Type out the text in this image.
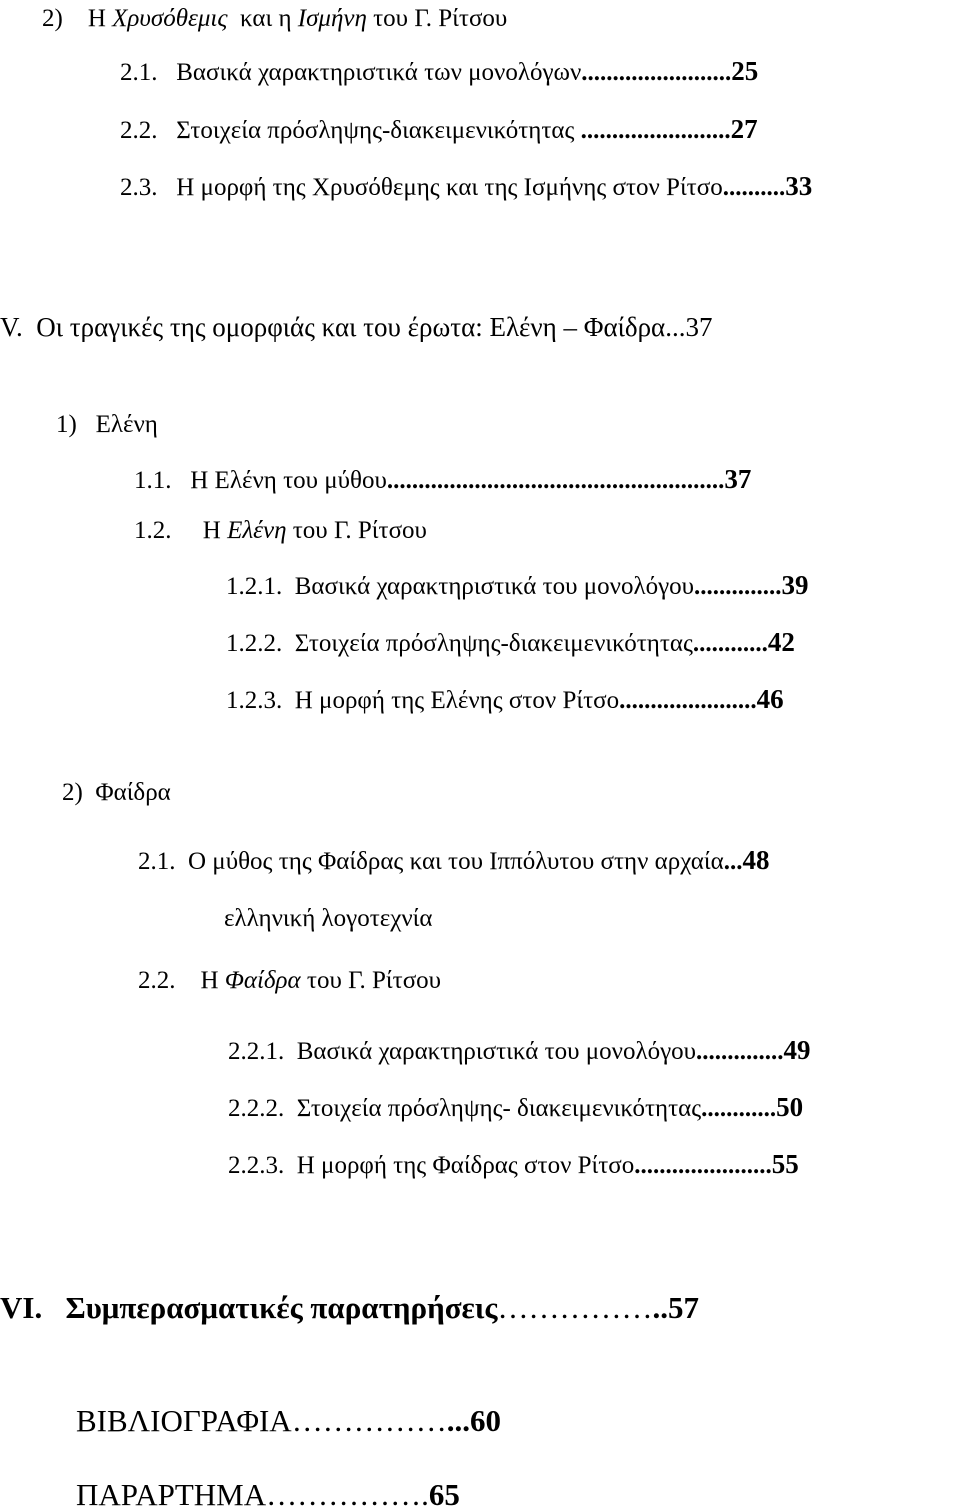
2) Η Χρυσόθεμις και η Ισμήνη του Γ. Ρίτσου
2.1. Βασικά χαρακτηριστικά των μονολόγων........................25
2.2. Στοιχεία πρόσληψης-διακειμενικότητας ........................27
2.3. Η μορφή της Χρυσόθεμης και της Ισμήνης στον Ρίτσο..........33
V. Οι τραγικές της ομορφιάς και του έρωτα: Ελένη – Φαίδρα...37
1) Ελένη
1.1. Η Ελένη του μύθου......................................................37
1.2. Η Ελένη του Γ. Ρίτσου
1.2.1. Βασικά χαρακτηριστικά του μονολόγου..............39
1.2.2. Στοιχεία πρόσληψης-διακειμενικότητας............42
1.2.3. Η μορφή της Ελένης στον Ρίτσο......................46
2) Φαίδρα
2.1. Ο μύθος της Φαίδρας και του Ιππόλυτου στην αρχαία...48
ελληνική λογοτεχνία
2.2. Η Φαίδρα του Γ. Ρίτσου
2.2.1. Βασικά χαρακτηριστικά του μονολόγου..............49
2.2.2. Στοιχεία πρόσληψης- διακειμενικότητας............50
2.2.3. Η μορφή της Φαίδρας στον Ρίτσο......................55
VI. Συμπερασματικές παρατηρήσεις……………..57
ΒΙΒΛΙΟΓΡΑΦΙΑ……………...60
ΠΑΡΑΡΤΗΜΑ…………….65
